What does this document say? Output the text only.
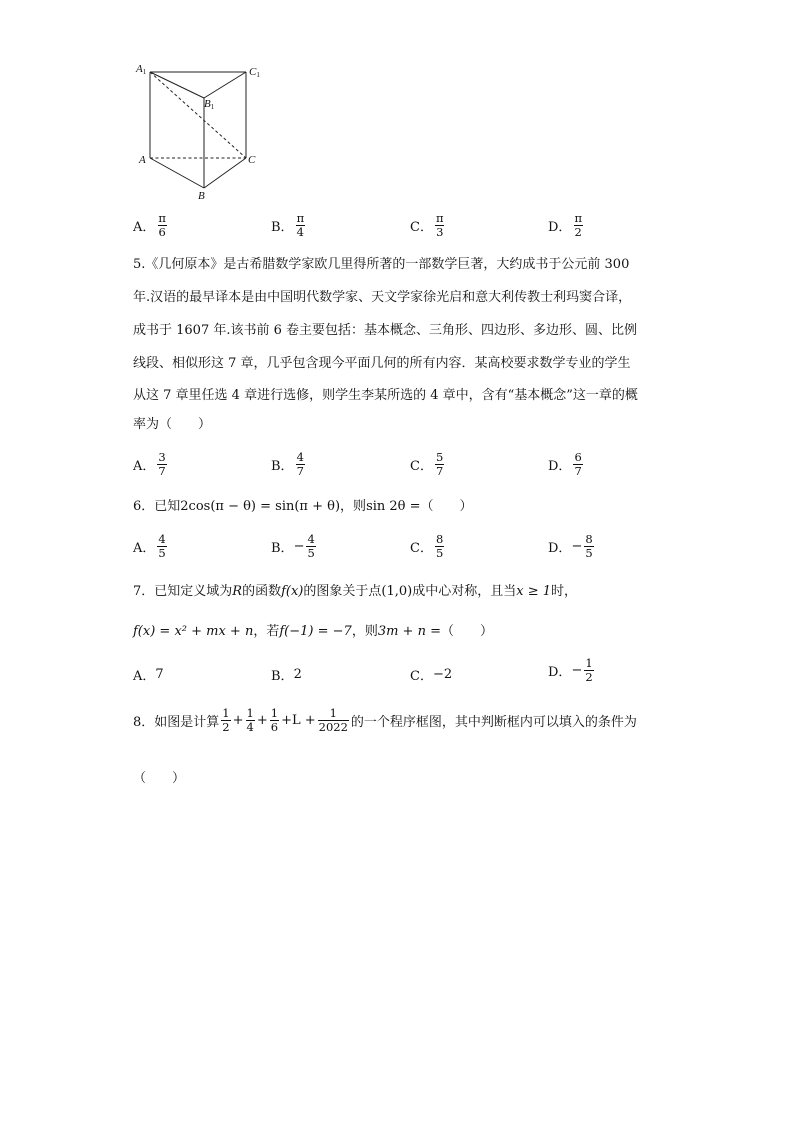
$A_1$	$C_1$
$B_1$
A	C
B
A． $\frac{\pi}{6}$	B． $\frac{\pi}{4}$	C． $\frac{\pi}{3}$	D． $\frac{\pi}{2}$
5.《几何原本》是古希腊数学家欧几里得所著的一部数学巨著，大约成书于公元前 300
年.汉语的最早译本是由中国明代数学家、天文学家徐光启和意大利传教士利玛窦合译，
成书于 1607 年.该书前 6 卷主要包括：基本概念、三角形、四边形、多边形、圆、比例
线段、相似形这 7 章，几乎包含现今平面几何的所有内容．某高校要求数学专业的学生
从这 7 章里任选 4 章进行选修，则学生李某所选的 4 章中，含有“基本概念”这一章的概
率为（　　）
A． $\frac{3}{7}$	B． $\frac{4}{7}$	C． $\frac{5}{7}$	D． $\frac{6}{7}$
6．已知2cos(π − θ) = sin(π + θ)，则sin 2θ =（　　）
A． $\frac{4}{5}$	B． − $\frac{4}{5}$	C． $\frac{8}{5}$	D． − $\frac{8}{5}$
7．已知定义域为R的函数f(x)的图象关于点(1,0)成中心对称，且当x ≥ 1时，
f(x) = x² + mx + n，若f(−1) = −7，则3m + n =（　　）
A． 7	B． 2	C． −2	D． − $\frac{1}{2}$
8．如图是计算 $\frac{1}{2} + \frac{1}{4} + \frac{1}{6} +L + \frac{1}{2022}$ 的一个程序框图，其中判断框内可以填入的条件为
（　　）
